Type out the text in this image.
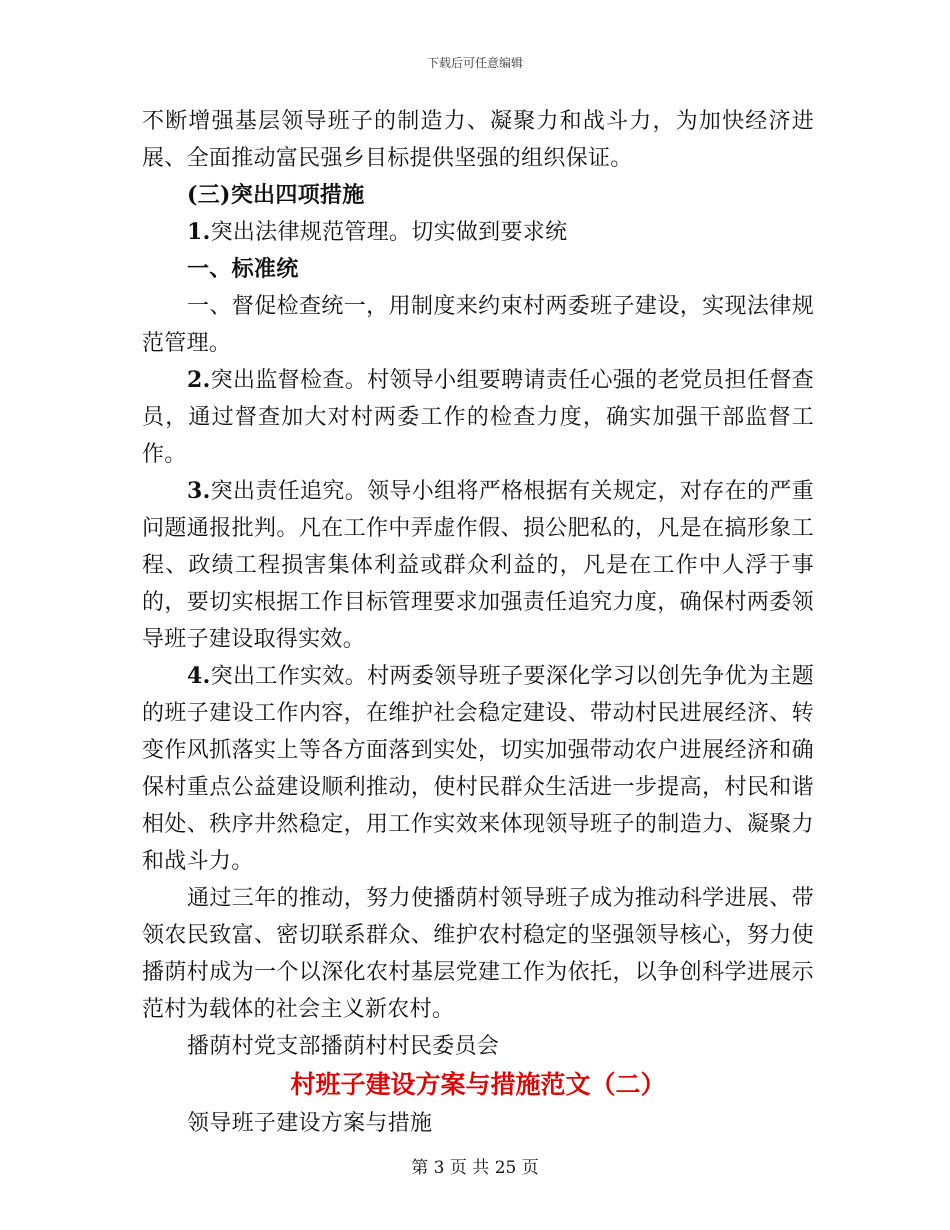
下载后可任意编辑

不断增强基层领导班子的制造力、凝聚力和战斗力，为加快经济进展、全面推动富民强乡目标提供坚强的组织保证。

(三)突出四项措施

1.突出法律规范管理。切实做到要求统

一、标准统

一、督促检查统一，用制度来约束村两委班子建设，实现法律规范管理。

2.突出监督检查。村领导小组要聘请责任心强的老党员担任督查员，通过督查加大对村两委工作的检查力度，确实加强干部监督工作。

3.突出责任追究。领导小组将严格根据有关规定，对存在的严重问题通报批判。凡在工作中弄虚作假、损公肥私的，凡是在搞形象工程、政绩工程损害集体利益或群众利益的，凡是在工作中人浮于事的，要切实根据工作目标管理要求加强责任追究力度，确保村两委领导班子建设取得实效。

4.突出工作实效。村两委领导班子要深化学习以创先争优为主题的班子建设工作内容，在维护社会稳定建设、带动村民进展经济、转变作风抓落实上等各方面落到实处，切实加强带动农户进展经济和确保村重点公益建设顺利推动，使村民群众生活进一步提高，村民和谐相处、秩序井然稳定，用工作实效来体现领导班子的制造力、凝聚力和战斗力。

通过三年的推动，努力使播荫村领导班子成为推动科学进展、带领农民致富、密切联系群众、维护农村稳定的坚强领导核心，努力使播荫村成为一个以深化农村基层党建工作为依托，以争创科学进展示范村为载体的社会主义新农村。

播荫村党支部播荫村村民委员会

村班子建设方案与措施范文（二）

领导班子建设方案与措施

第 3 页 共 25 页
